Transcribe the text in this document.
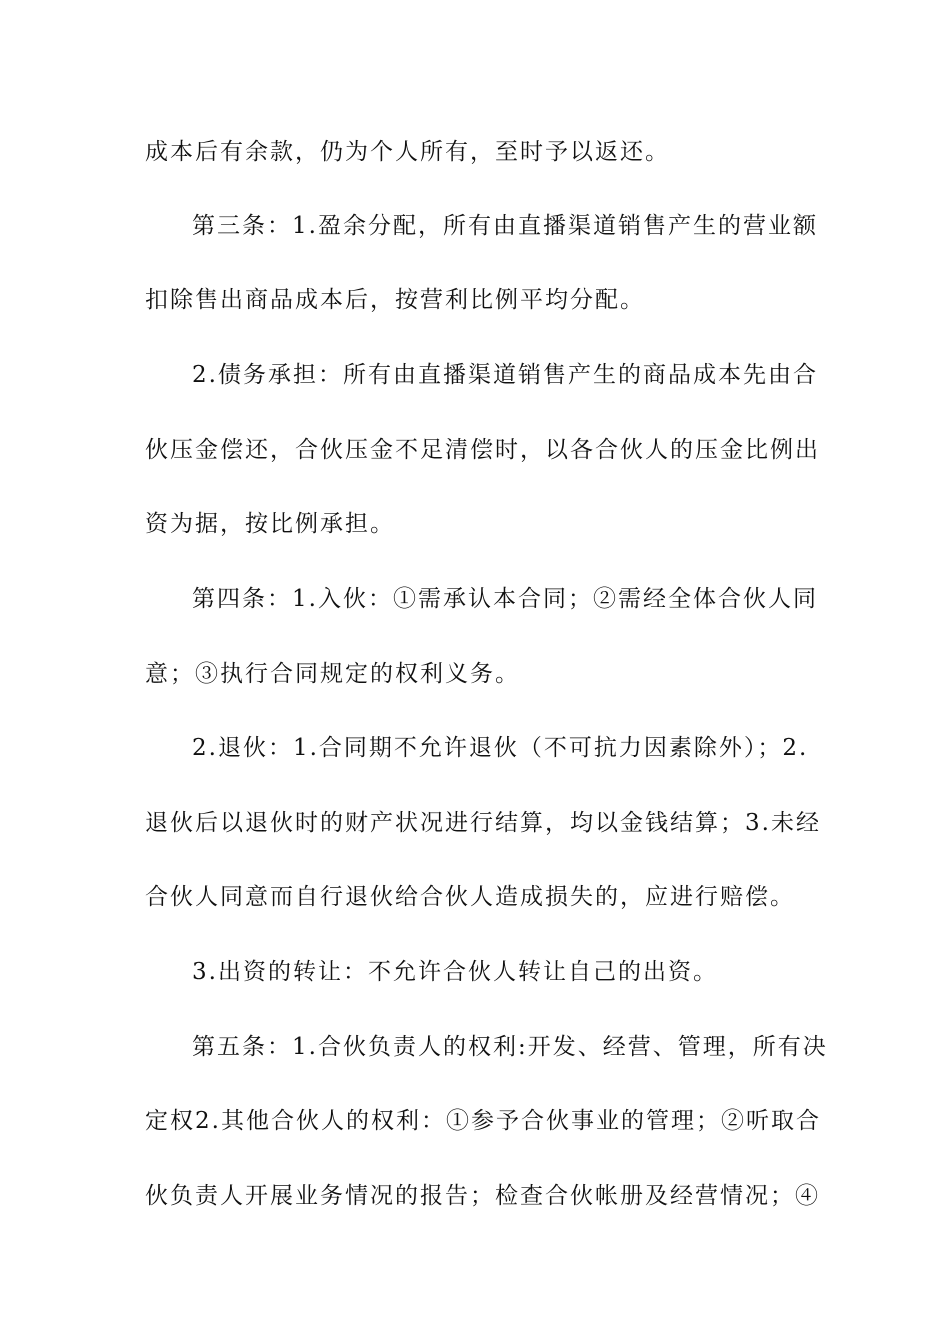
成本后有余款，仍为个人所有，至时予以返还。
第三条：1.盈余分配，所有由直播渠道销售产生的营业额
扣除售出商品成本后，按营利比例平均分配。
2.债务承担：所有由直播渠道销售产生的商品成本先由合
伙压金偿还，合伙压金不足清偿时，以各合伙人的压金比例出
资为据，按比例承担。
第四条：1.入伙：①需承认本合同；②需经全体合伙人同
意；③执行合同规定的权利义务。
2.退伙：1.合同期不允许退伙（不可抗力因素除外）；2.
退伙后以退伙时的财产状况进行结算，均以金钱结算；3.未经
合伙人同意而自行退伙给合伙人造成损失的，应进行赔偿。
3.出资的转让：不允许合伙人转让自己的出资。
第五条：1.合伙负责人的权利:开发、经营、管理，所有决
定权2.其他合伙人的权利：①参予合伙事业的管理；②听取合
伙负责人开展业务情况的报告；检查合伙帐册及经营情况；④
